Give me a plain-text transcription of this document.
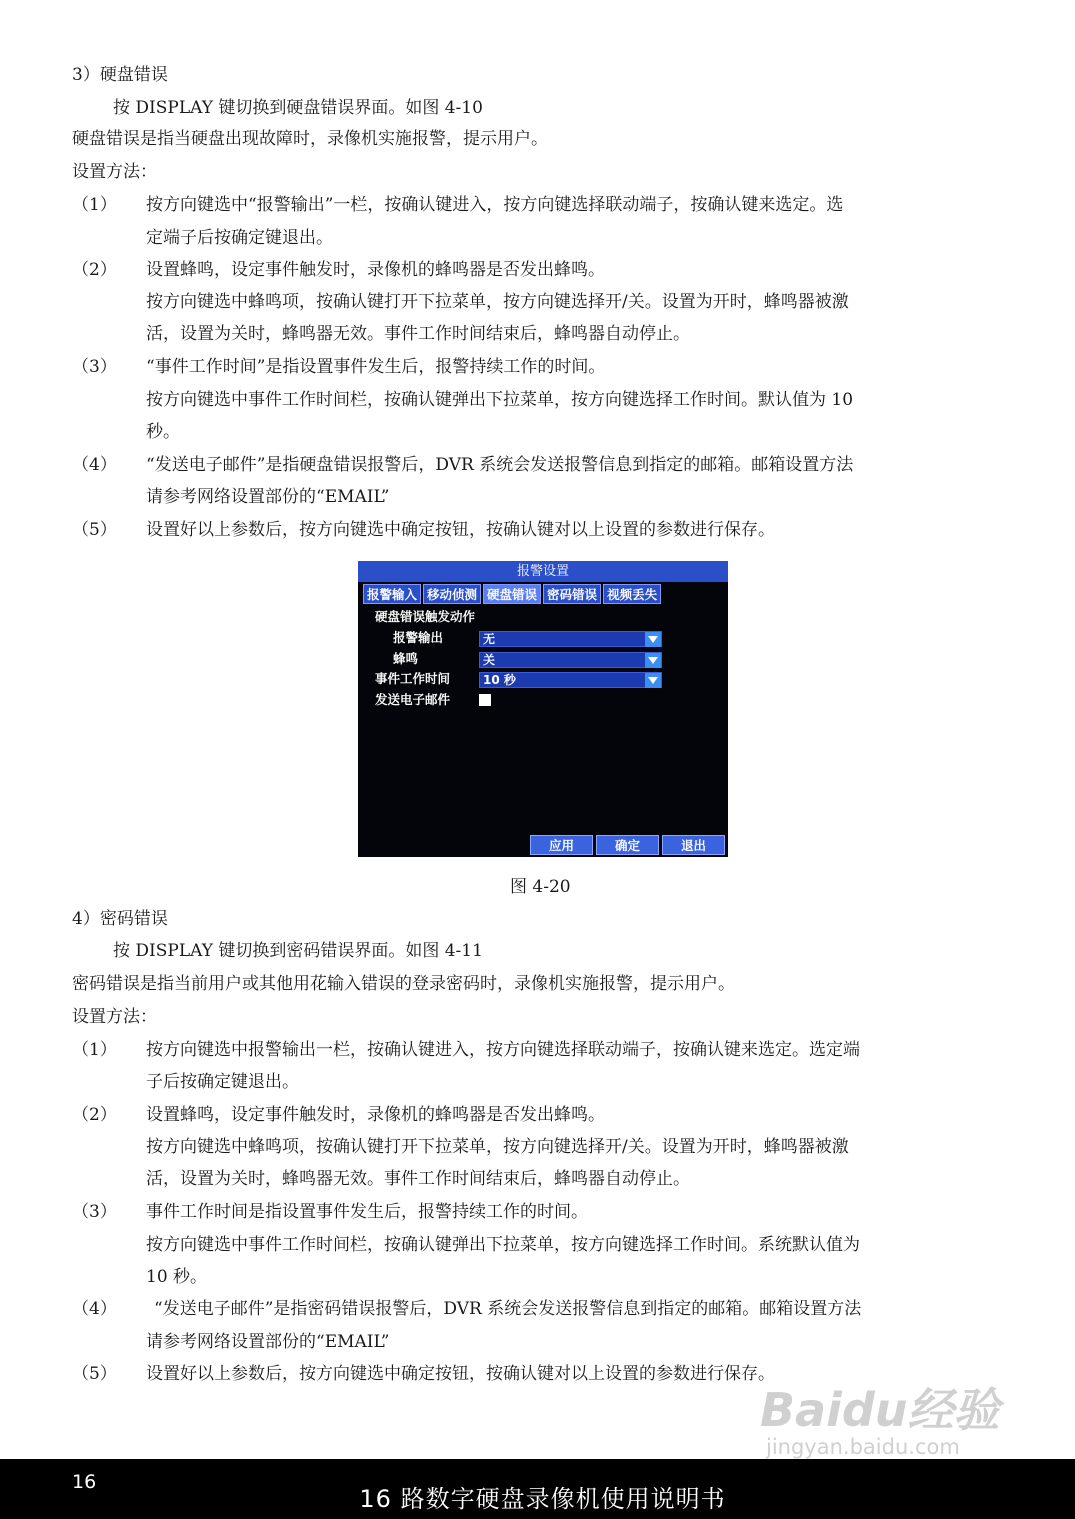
3）硬盘错误
按 DISPLAY 键切换到硬盘错误界面。如图 4-10
硬盘错误是指当硬盘出现故障时，录像机实施报警，提示用户。
设置方法：
（1） 按方向键选中“报警输出”一栏，按确认键进入，按方向键选择联动端子，按确认键来选定。选
定端子后按确定键退出。
（2） 设置蜂鸣，设定事件触发时，录像机的蜂鸣器是否发出蜂鸣。
按方向键选中蜂鸣项，按确认键打开下拉菜单，按方向键选择开/关。设置为开时，蜂鸣器被激
活，设置为关时，蜂鸣器无效。事件工作时间结束后，蜂鸣器自动停止。
（3） “事件工作时间”是指设置事件发生后，报警持续工作的时间。
按方向键选中事件工作时间栏，按确认键弹出下拉菜单，按方向键选择工作时间。默认值为 10
秒。
（4） “发送电子邮件”是指硬盘错误报警后，DVR 系统会发送报警信息到指定的邮箱。邮箱设置方法
请参考网络设置部份的“EMAIL”
（5） 设置好以上参数后，按方向键选中确定按钮，按确认键对以上设置的参数进行保存。
报警设置
报警输入 移动侦测 硬盘错误 密码错误 视频丢失
硬盘错误触发动作
报警输出	无
蜂鸣	关
事件工作时间	10 秒
发送电子邮件
应用	确定	退出
图 4-20
4）密码错误
按 DISPLAY 键切换到密码错误界面。如图 4-11
密码错误是指当前用户或其他用花输入错误的登录密码时，录像机实施报警，提示用户。
设置方法：
（1） 按方向键选中报警输出一栏，按确认键进入，按方向键选择联动端子，按确认键来选定。选定端
子后按确定键退出。
（2） 设置蜂鸣，设定事件触发时，录像机的蜂鸣器是否发出蜂鸣。
按方向键选中蜂鸣项，按确认键打开下拉菜单，按方向键选择开/关。设置为开时，蜂鸣器被激
活，设置为关时，蜂鸣器无效。事件工作时间结束后，蜂鸣器自动停止。
（3） 事件工作时间是指设置事件发生后，报警持续工作的时间。
按方向键选中事件工作时间栏，按确认键弹出下拉菜单，按方向键选择工作时间。系统默认值为
10 秒。
（4） “发送电子邮件”是指密码错误报警后，DVR 系统会发送报警信息到指定的邮箱。邮箱设置方法
请参考网络设置部份的“EMAIL”
（5） 设置好以上参数后，按方向键选中确定按钮，按确认键对以上设置的参数进行保存。
Baidu经验
jingyan.baidu.com
16
16 路数字硬盘录像机使用说明书
